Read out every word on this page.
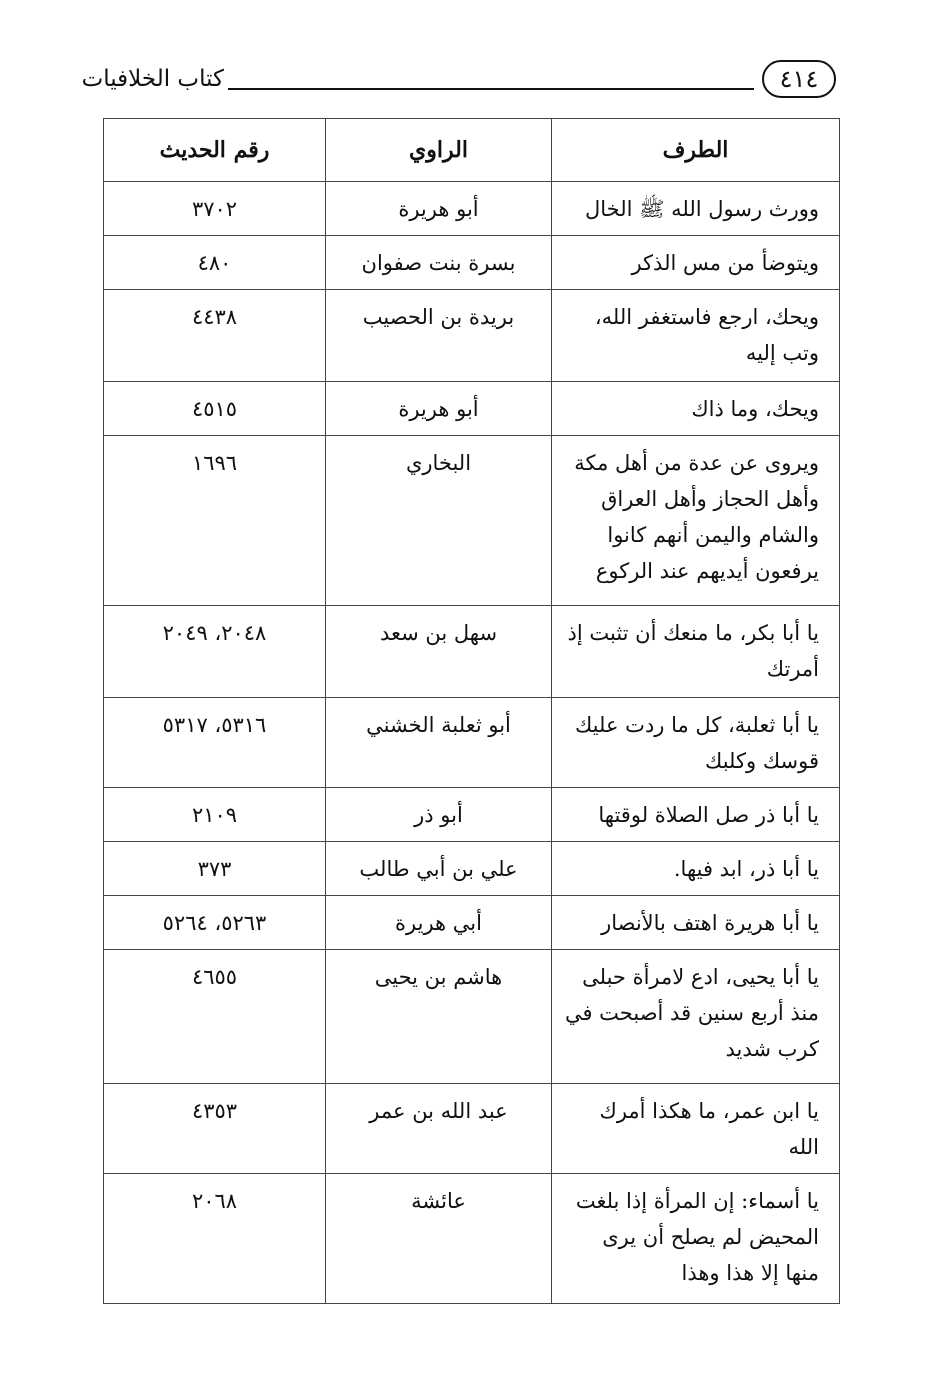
٤١٤
كتاب الخلافيات
الطرف	الراوي	رقم الحديث
وورث رسول الله ﷺ الخال	أبو هريرة	٣٧٠٢
ويتوضأ من مس الذكر	بسرة بنت صفوان	٤٨٠
ويحك، ارجع فاستغفر الله، وتب إليه	بريدة بن الحصيب	٤٤٣٨
ويحك، وما ذاك	أبو هريرة	٤٥١٥
ويروى عن عدة من أهل مكة وأهل الحجاز وأهل العراق والشام واليمن أنهم كانوا يرفعون أيديهم عند الركوع	البخاري	١٦٩٦
يا أبا بكر، ما منعك أن تثبت إذ أمرتك	سهل بن سعد	٢٠٤٨، ٢٠٤٩
يا أبا ثعلبة، كل ما ردت عليك قوسك وكلبك	أبو ثعلبة الخشني	٥٣١٦، ٥٣١٧
يا أبا ذر صل الصلاة لوقتها	أبو ذر	٢١٠٩
يا أبا ذر، ابد فيها.	علي بن أبي طالب	٣٧٣
يا أبا هريرة اهتف بالأنصار	أبي هريرة	٥٢٦٣، ٥٢٦٤
يا أبا يحيى، ادع لامرأة حبلى منذ أربع سنين قد أصبحت في كرب شديد	هاشم بن يحيى	٤٦٥٥
يا ابن عمر، ما هكذا أمرك الله	عبد الله بن عمر	٤٣٥٣
يا أسماء: إن المرأة إذا بلغت المحيض لم يصلح أن يرى منها إلا هذا وهذا	عائشة	٢٠٦٨
